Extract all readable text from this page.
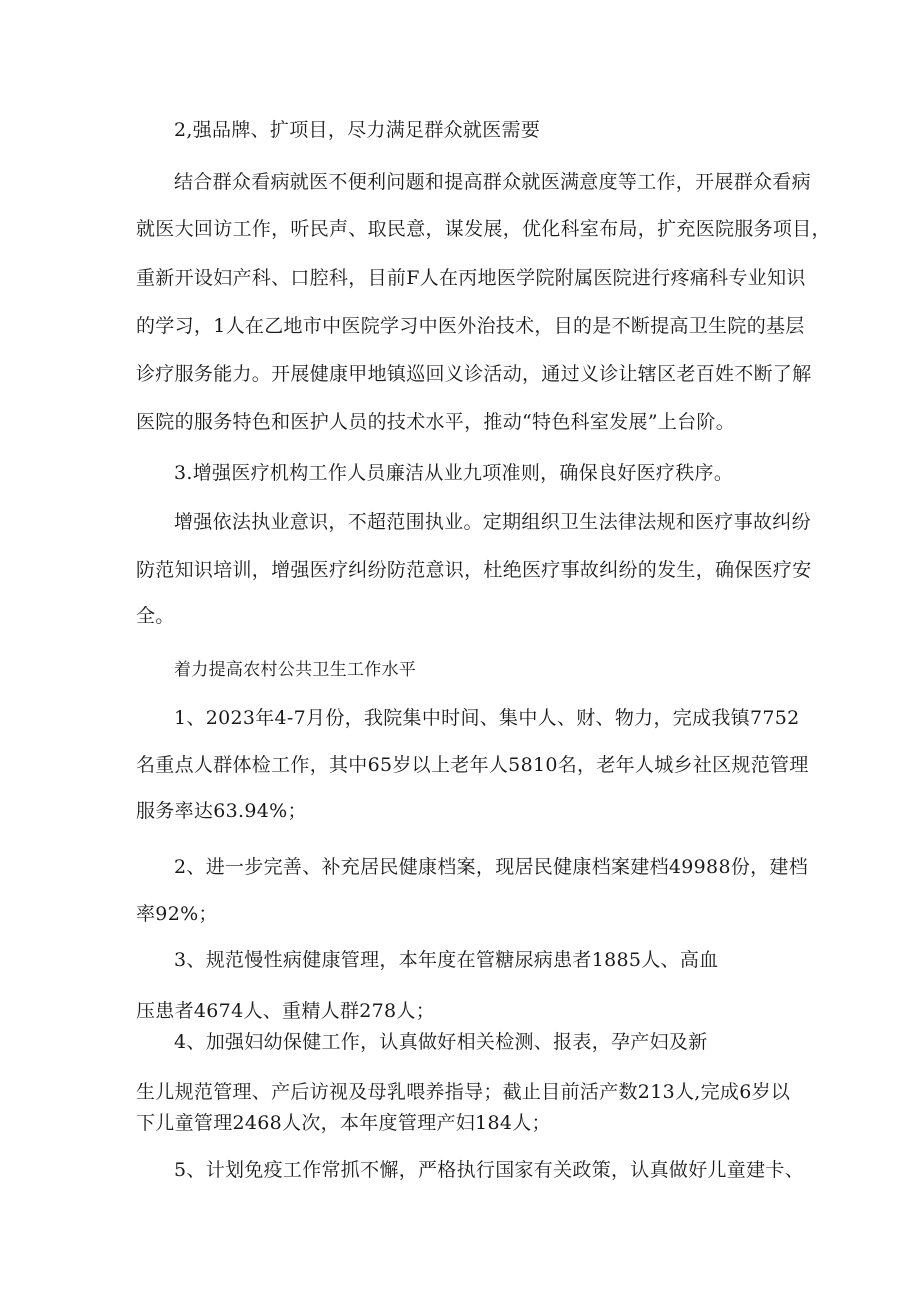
2,强品牌、扩项目，尽力满足群众就医需要
结合群众看病就医不便利问题和提高群众就医满意度等工作，开展群众看病
就医大回访工作，听民声、取民意，谋发展，优化科室布局，扩充医院服务项目，
重新开设妇产科、口腔科，目前F人在丙地医学院附属医院进行疼痛科专业知识
的学习，1人在乙地市中医院学习中医外治技术，目的是不断提高卫生院的基层
诊疗服务能力。开展健康甲地镇巡回义诊活动，通过义诊让辖区老百姓不断了解
医院的服务特色和医护人员的技术水平，推动“特色科室发展”上台阶。
3.增强医疗机构工作人员廉洁从业九项准则，确保良好医疗秩序。
增强依法执业意识，不超范围执业。定期组织卫生法律法规和医疗事故纠纷
防范知识培训，增强医疗纠纷防范意识，杜绝医疗事故纠纷的发生，确保医疗安
全。
着力提高农村公共卫生工作水平
1、2023年4-7月份，我院集中时间、集中人、财、物力，完成我镇7752
名重点人群体检工作，其中65岁以上老年人5810名，老年人城乡社区规范管理
服务率达63.94%；
2、进一步完善、补充居民健康档案，现居民健康档案建档49988份，建档
率92%；
3、规范慢性病健康管理，本年度在管糖尿病患者1885人、高血
压患者4674人、重精人群278人；
4、加强妇幼保健工作，认真做好相关检测、报表，孕产妇及新
生儿规范管理、产后访视及母乳喂养指导；截止目前活产数213人,完成6岁以
下儿童管理2468人次，本年度管理产妇184人；
5、计划免疫工作常抓不懈，严格执行国家有关政策，认真做好儿童建卡、
